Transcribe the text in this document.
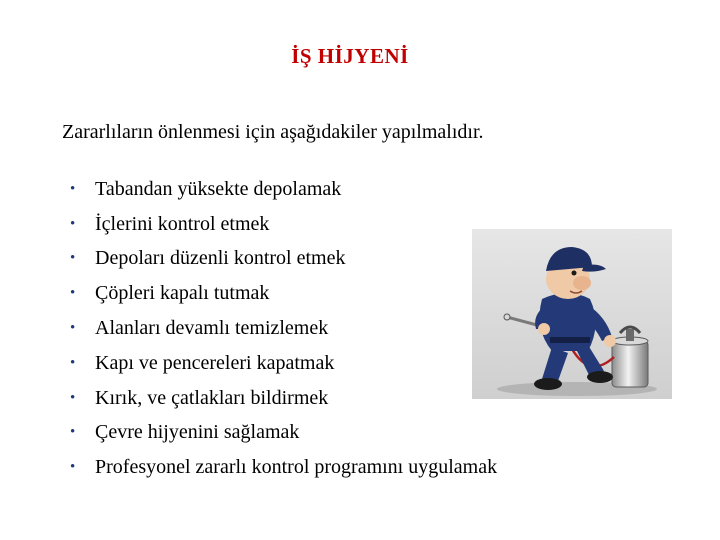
İŞ HİJYENİ
Zararlıların önlenmesi için aşağıdakiler yapılmalıdır.
• Tabandan yüksekte depolamak
• İçlerini kontrol etmek
• Depoları düzenli kontrol etmek
• Çöpleri kapalı tutmak
• Alanları devamlı temizlemek
• Kapı ve pencereleri kapatmak
• Kırık, ve çatlakları bildirmek
• Çevre hijyenini sağlamak
• Profesyonel zararlı kontrol programını uygulamak
